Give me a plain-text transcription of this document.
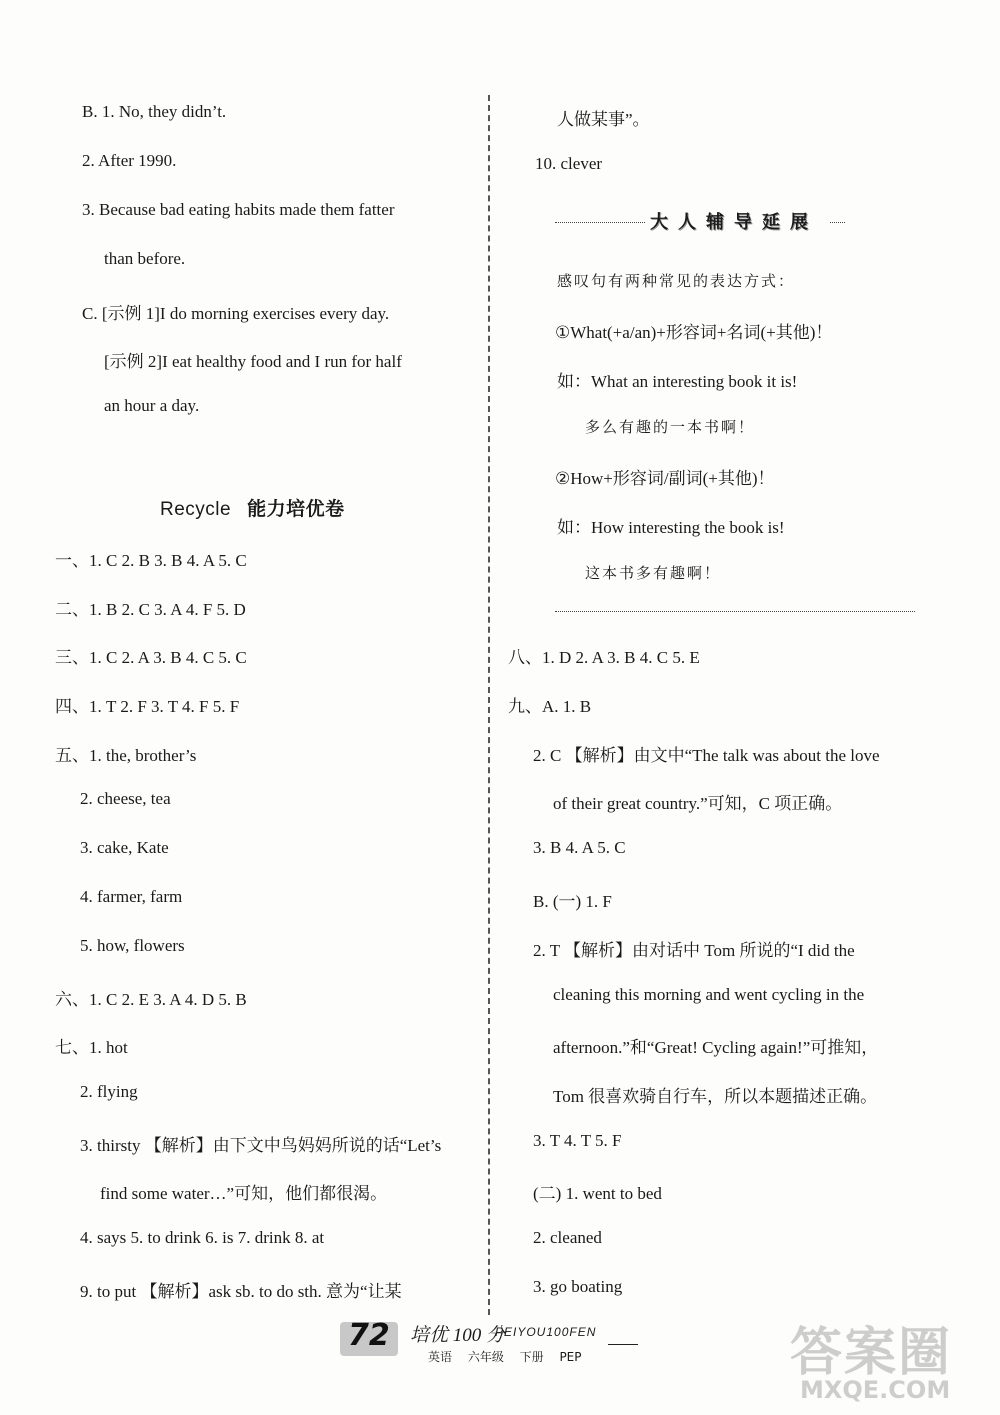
B. 1. No, they didn’t.
2. After 1990.
3. Because bad eating habits made them fatter
than before.
C. [示例 1]I do morning exercises every day.
[示例 2]I eat healthy food and I run for half
an hour a day.
Recycle 能力培优卷
一、1. C 2. B 3. B 4. A 5. C
二、1. B 2. C 3. A 4. F 5. D
三、1. C 2. A 3. B 4. C 5. C
四、1. T 2. F 3. T 4. F 5. F
五、1. the, brother’s
2. cheese, tea
3. cake, Kate
4. farmer, farm
5. how, flowers
六、1. C 2. E 3. A 4. D 5. B
七、1. hot
2. flying
3. thirsty 【解析】由下文中鸟妈妈所说的话“Let’s
find some water…”可知，他们都很渴。
4. says 5. to drink 6. is 7. drink 8. at
9. to put 【解析】ask sb. to do sth. 意为“让某
人做某事”。
10. clever
大人辅导延展
感叹句有两种常见的表达方式：
①What(+a/an)+形容词+名词(+其他)！
如：What an interesting book it is!
多么有趣的一本书啊！
②How+形容词/副词(+其他)！
如：How interesting the book is!
这本书多有趣啊！
八、1. D 2. A 3. B 4. C 5. E
九、A. 1. B
2. C 【解析】由文中“The talk was about the love
of their great country.”可知，C 项正确。
3. B 4. A 5. C
B. (一) 1. F
2. T 【解析】由对话中 Tom 所说的“I did the
cleaning this morning and went cycling in the
afternoon.”和“Great! Cycling again!”可推知，
Tom 很喜欢骑自行车，所以本题描述正确。
3. T 4. T 5. F
(二) 1. went to bed
2. cleaned
3. go boating
72 培优 100 分
PEIYOU100FEN
英语 六年级 下册 PEP	答案圈
MXQE.COM
